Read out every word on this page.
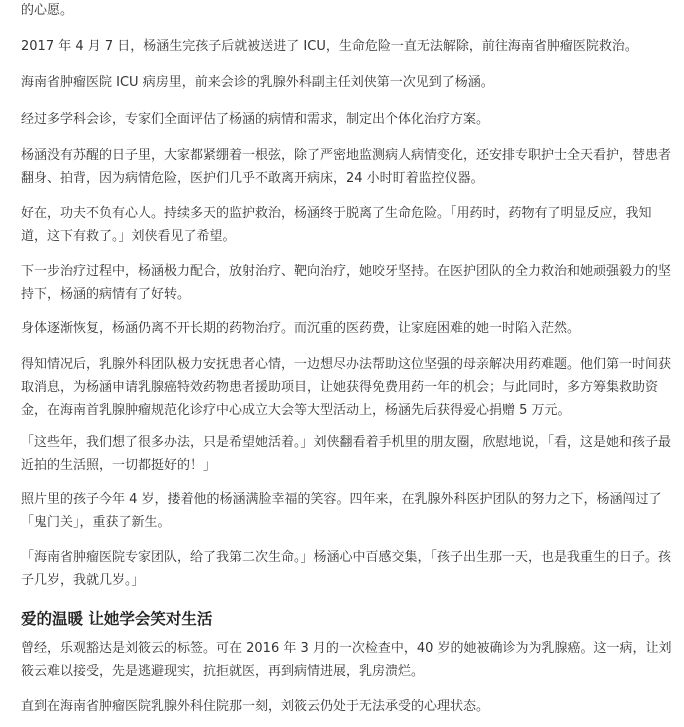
的心愿。

2017 年 4 月 7 日，杨涵生完孩子后就被送进了 ICU，生命危险一直无法解除，前往海南省肿瘤医院救治。

海南省肿瘤医院 ICU 病房里，前来会诊的乳腺外科副主任刘侠第一次见到了杨涵。

经过多学科会诊，专家们全面评估了杨涵的病情和需求，制定出个体化治疗方案。

杨涵没有苏醒的日子里，大家都紧绷着一根弦，除了严密地监测病人病情变化，还安排专职护士全天看护，替患者翻身、拍背，因为病情危险，医护们几乎不敢离开病床，24 小时盯着监控仪器。

好在，功夫不负有心人。持续多天的监护救治，杨涵终于脱离了生命危险。「用药时，药物有了明显反应，我知道，这下有救了。」刘侠看见了希望。

下一步治疗过程中，杨涵极力配合，放射治疗、靶向治疗，她咬牙坚持。在医护团队的全力救治和她顽强毅力的坚持下，杨涵的病情有了好转。

身体逐渐恢复，杨涵仍离不开长期的药物治疗。而沉重的医药费，让家庭困难的她一时陷入茫然。

得知情况后，乳腺外科团队极力安抚患者心情，一边想尽办法帮助这位坚强的母亲解决用药难题。他们第一时间获取消息，为杨涵申请乳腺癌特效药物患者援助项目，让她获得免费用药一年的机会；与此同时，多方筹集救助资金，在海南首乳腺肿瘤规范化诊疗中心成立大会等大型活动上，杨涵先后获得爱心捐赠 5 万元。

「这些年，我们想了很多办法，只是希望她活着。」刘侠翻看着手机里的朋友圈，欣慰地说，「看，这是她和孩子最近拍的生活照，一切都挺好的！」

照片里的孩子今年 4 岁，搂着他的杨涵满脸幸福的笑容。四年来，在乳腺外科医护团队的努力之下，杨涵闯过了「鬼门关」，重获了新生。

「海南省肿瘤医院专家团队，给了我第二次生命。」杨涵心中百感交集，「孩子出生那一天，也是我重生的日子。孩子几岁，我就几岁。」

爱的温暖 让她学会笑对生活

曾经，乐观豁达是刘筱云的标签。可在 2016 年 3 月的一次检查中，40 岁的她被确诊为为乳腺癌。这一病，让刘筱云难以接受，先是逃避现实，抗拒就医，再到病情进展，乳房溃烂。

直到在海南省肿瘤医院乳腺外科住院那一刻，刘筱云仍处于无法承受的心理状态。
